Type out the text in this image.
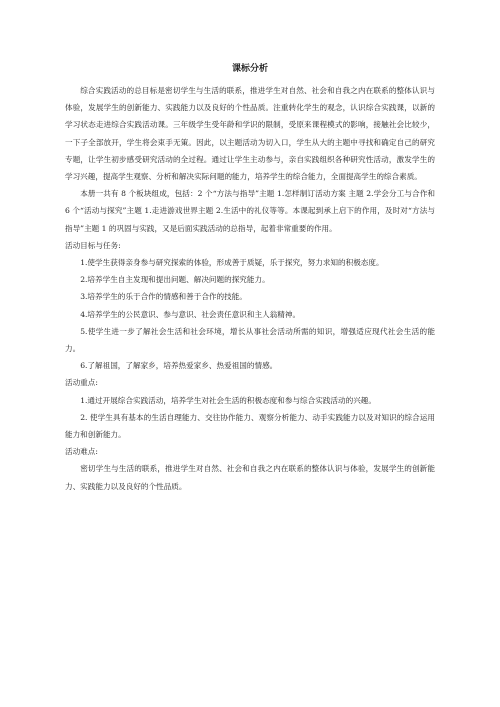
课标分析

综合实践活动的总目标是密切学生与生活的联系，推进学生对自然、社会和自我之内在联系的整体认识与体验，发展学生的创新能力、实践能力以及良好的个性品质。注重转化学生的观念，认识综合实践课，以新的学习状态走进综合实践活动课。三年级学生受年龄和学识的限制，受原来课程模式的影响，接触社会比较少，一下子全部放开，学生将会束手无策。因此，以主题活动为切入口，学生从大的主题中寻找和确定自己的研究专题，让学生初步感受研究活动的全过程。通过让学生主动参与，亲自实践组织各种研究性活动，激发学生的学习兴趣，提高学生观察、分析和解决实际问题的能力，培养学生的综合能力，全面提高学生的综合素质。

本册一共有 8 个板块组成，包括：2 个“方法与指导”主题 1.怎样制订活动方案 主题 2.学会分工与合作和 6 个“活动与探究”主题 1.走进游戏世界主题 2.生活中的礼仪等等。本课起到承上启下的作用，及时对“方法与指导”主题 1 的巩固与实践，又是后面实践活动的总指导，起着非常重要的作用。

活动目标与任务:

1.使学生获得亲身参与研究探索的体验，形成善于质疑，乐于探究，努力求知的积极态度。

2.培养学生自主发现和提出问题、解决问题的探究能力。

3.培养学生的乐于合作的情感和善于合作的技能。

4.培养学生的公民意识、参与意识、社会责任意识和主人翁精神。

5.使学生进一步了解社会生活和社会环境，增长从事社会活动所需的知识，增强适应现代社会生活的能力。

6.了解祖国，了解家乡，培养热爱家乡、热爱祖国的情感。

活动重点:

1.通过开展综合实践活动，培养学生对社会生活的积极态度和参与综合实践活动的兴趣。

2. 使学生具有基本的生活自理能力、交往协作能力、观察分析能力、动手实践能力以及对知识的综合运用能力和创新能力。

活动难点:

密切学生与生活的联系，推进学生对自然、社会和自我之内在联系的整体认识与体验，发展学生的创新能力、实践能力以及良好的个性品质。
